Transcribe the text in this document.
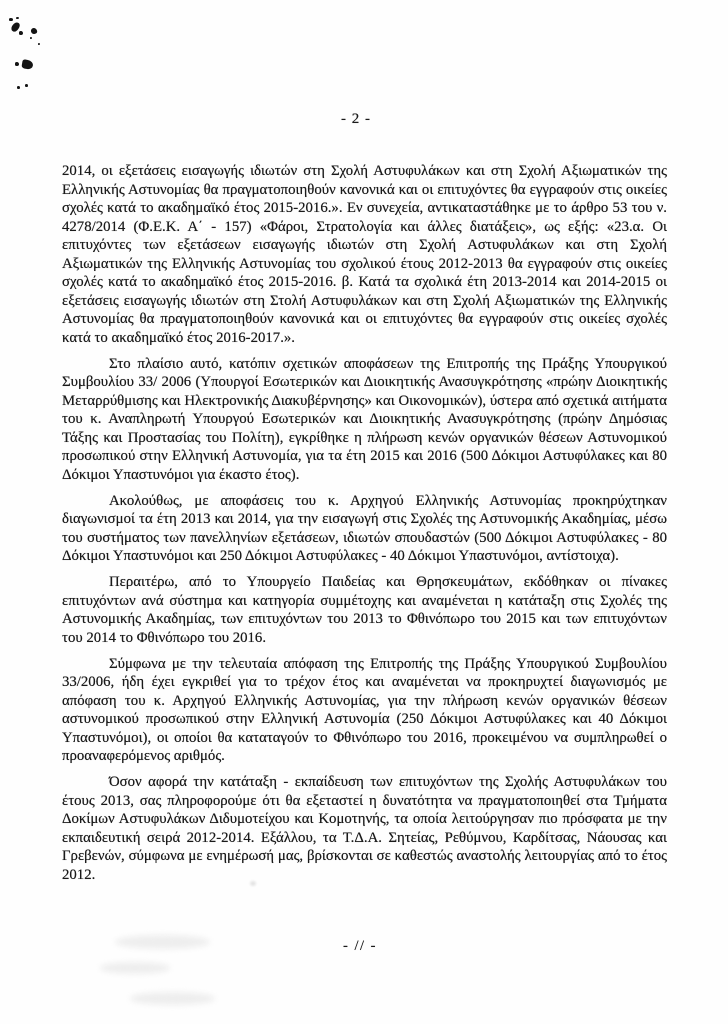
- 2 -

2014, οι εξετάσεις εισαγωγής ιδιωτών στη Σχολή Αστυφυλάκων και στη Σχολή Αξιωματικών της Ελληνικής Αστυνομίας θα πραγματοποιηθούν κανονικά και οι επιτυχόντες θα εγγραφούν στις οικείες σχολές κατά το ακαδημαϊκό έτος 2015-2016.». Εν συνεχεία, αντικαταστάθηκε με το άρθρο 53 του ν. 4278/2014 (Φ.Ε.Κ. Α΄ - 157) «Φάροι, Στρατολογία και άλλες διατάξεις», ως εξής: «23.α. Οι επιτυχόντες των εξετάσεων εισαγωγής ιδιωτών στη Σχολή Αστυφυλάκων και στη Σχολή Αξιωματικών της Ελληνικής Αστυνομίας του σχολικού έτους 2012-2013 θα εγγραφούν στις οικείες σχολές κατά το ακαδημαϊκό έτος 2015-2016. β. Κατά τα σχολικά έτη 2013-2014 και 2014-2015 οι εξετάσεις εισαγωγής ιδιωτών στη Στολή Αστυφυλάκων και στη Σχολή Αξιωματικών της Ελληνικής Αστυνομίας θα πραγματοποιηθούν κανονικά και οι επιτυχόντες θα εγγραφούν στις οικείες σχολές κατά το ακαδημαϊκό έτος 2016-2017.».

Στο πλαίσιο αυτό, κατόπιν σχετικών αποφάσεων της Επιτροπής της Πράξης Υπουργικού Συμβουλίου 33/ 2006 (Υπουργοί Εσωτερικών και Διοικητικής Ανασυγκρότησης «πρώην Διοικητικής Μεταρρύθμισης και Ηλεκτρονικής Διακυβέρνησης» και Οικονομικών), ύστερα από σχετικά αιτήματα του κ. Αναπληρωτή Υπουργού Εσωτερικών και Διοικητικής Ανασυγκρότησης (πρώην Δημόσιας Τάξης και Προστασίας του Πολίτη), εγκρίθηκε η πλήρωση κενών οργανικών θέσεων Αστυνομικού προσωπικού στην Ελληνική Αστυνομία, για τα έτη 2015 και 2016 (500 Δόκιμοι Αστυφύλακες και 80 Δόκιμοι Υπαστυνόμοι για έκαστο έτος).

Ακολούθως, με αποφάσεις του κ. Αρχηγού Ελληνικής Αστυνομίας προκηρύχτηκαν διαγωνισμοί τα έτη 2013 και 2014, για την εισαγωγή στις Σχολές της Αστυνομικής Ακαδημίας, μέσω του συστήματος των πανελληνίων εξετάσεων, ιδιωτών σπουδαστών (500 Δόκιμοι Αστυφύλακες - 80 Δόκιμοι Υπαστυνόμοι και 250 Δόκιμοι Αστυφύλακες - 40 Δόκιμοι Υπαστυνόμοι, αντίστοιχα).

Περαιτέρω, από το Υπουργείο Παιδείας και Θρησκευμάτων, εκδόθηκαν οι πίνακες επιτυχόντων ανά σύστημα και κατηγορία συμμέτοχης και αναμένεται η κατάταξη στις Σχολές της Αστυνομικής Ακαδημίας, των επιτυχόντων του 2013 το Φθινόπωρο του 2015 και των επιτυχόντων του 2014 το Φθινόπωρο του 2016.

Σύμφωνα με την τελευταία απόφαση της Επιτροπής της Πράξης Υπουργικού Συμβουλίου 33/2006, ήδη έχει εγκριθεί για το τρέχον έτος και αναμένεται να προκηρυχτεί διαγωνισμός με απόφαση του κ. Αρχηγού Ελληνικής Αστυνομίας, για την πλήρωση κενών οργανικών θέσεων αστυνομικού προσωπικού στην Ελληνική Αστυνομία (250 Δόκιμοι Αστυφύλακες και 40 Δόκιμοι Υπαστυνόμοι), οι οποίοι θα καταταγούν το Φθινόπωρο του 2016, προκειμένου να συμπληρωθεί ο προαναφερόμενος αριθμός.

Όσον αφορά την κατάταξη - εκπαίδευση των επιτυχόντων της Σχολής Αστυφυλάκων του έτους 2013, σας πληροφορούμε ότι θα εξεταστεί η δυνατότητα να πραγματοποιηθεί στα Τμήματα Δοκίμων Αστυφυλάκων Διδυμοτείχου και Κομοτηνής, τα οποία λειτούργησαν πιο πρόσφατα με την εκπαιδευτική σειρά 2012-2014. Εξάλλου, τα Τ.Δ.Α. Σητείας, Ρεθύμνου, Καρδίτσας, Νάουσας και Γρεβενών, σύμφωνα με ενημέρωσή μας, βρίσκονται σε καθεστώς αναστολής λειτουργίας από το έτος 2012.

- // -
